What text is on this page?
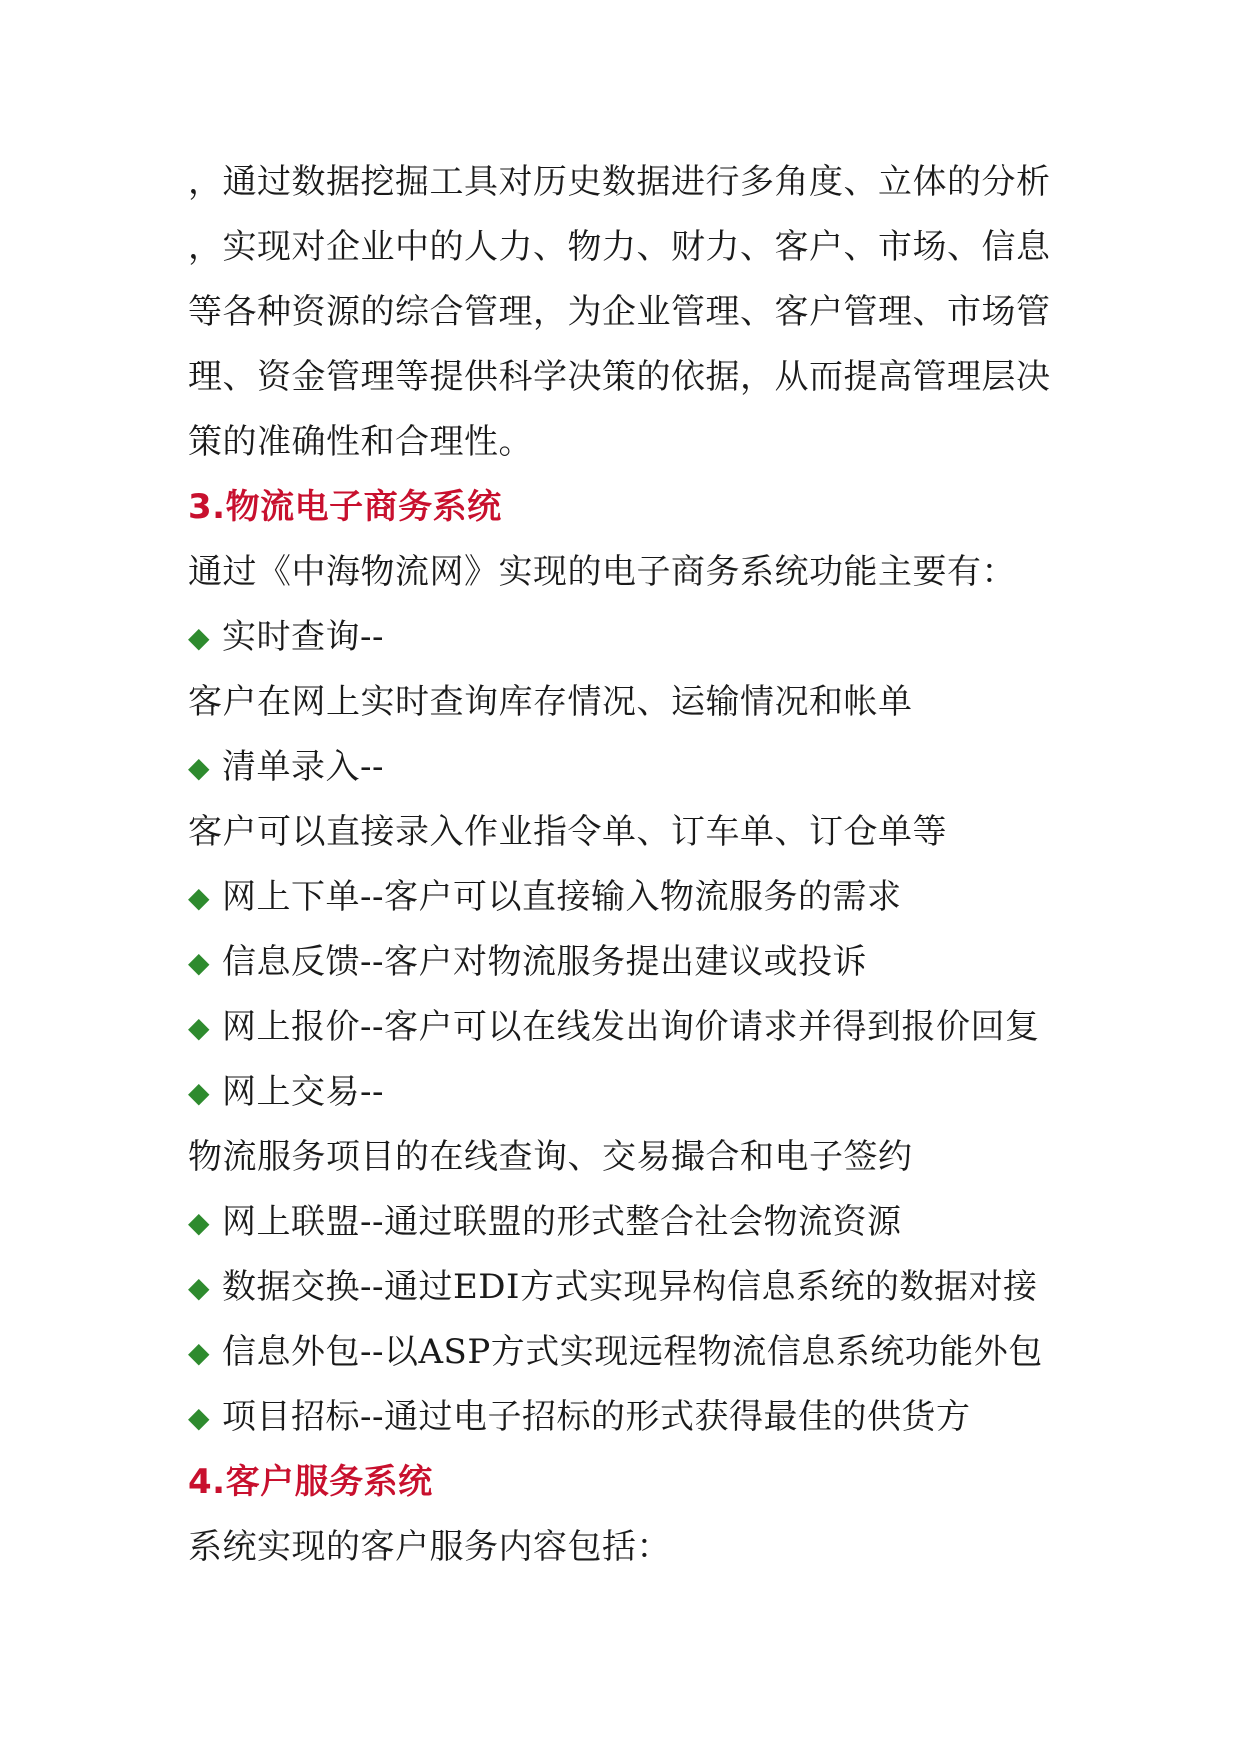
，通过数据挖掘工具对历史数据进行多角度、立体的分析
，实现对企业中的人力、物力、财力、客户、市场、信息
等各种资源的综合管理，为企业管理、客户管理、市场管
理、资金管理等提供科学决策的依据，从而提高管理层决
策的准确性和合理性。
3.物流电子商务系统
通过《中海物流网》实现的电子商务系统功能主要有：
◆ 实时查询--
客户在网上实时查询库存情况、运输情况和帐单
◆ 清单录入--
客户可以直接录入作业指令单、订车单、订仓单等
◆ 网上下单--客户可以直接输入物流服务的需求
◆ 信息反馈--客户对物流服务提出建议或投诉
◆ 网上报价--客户可以在线发出询价请求并得到报价回复
◆ 网上交易--
物流服务项目的在线查询、交易撮合和电子签约
◆ 网上联盟--通过联盟的形式整合社会物流资源
◆ 数据交换--通过EDI方式实现异构信息系统的数据对接
◆ 信息外包--以ASP方式实现远程物流信息系统功能外包
◆ 项目招标--通过电子招标的形式获得最佳的供货方
4.客户服务系统
系统实现的客户服务内容包括：
